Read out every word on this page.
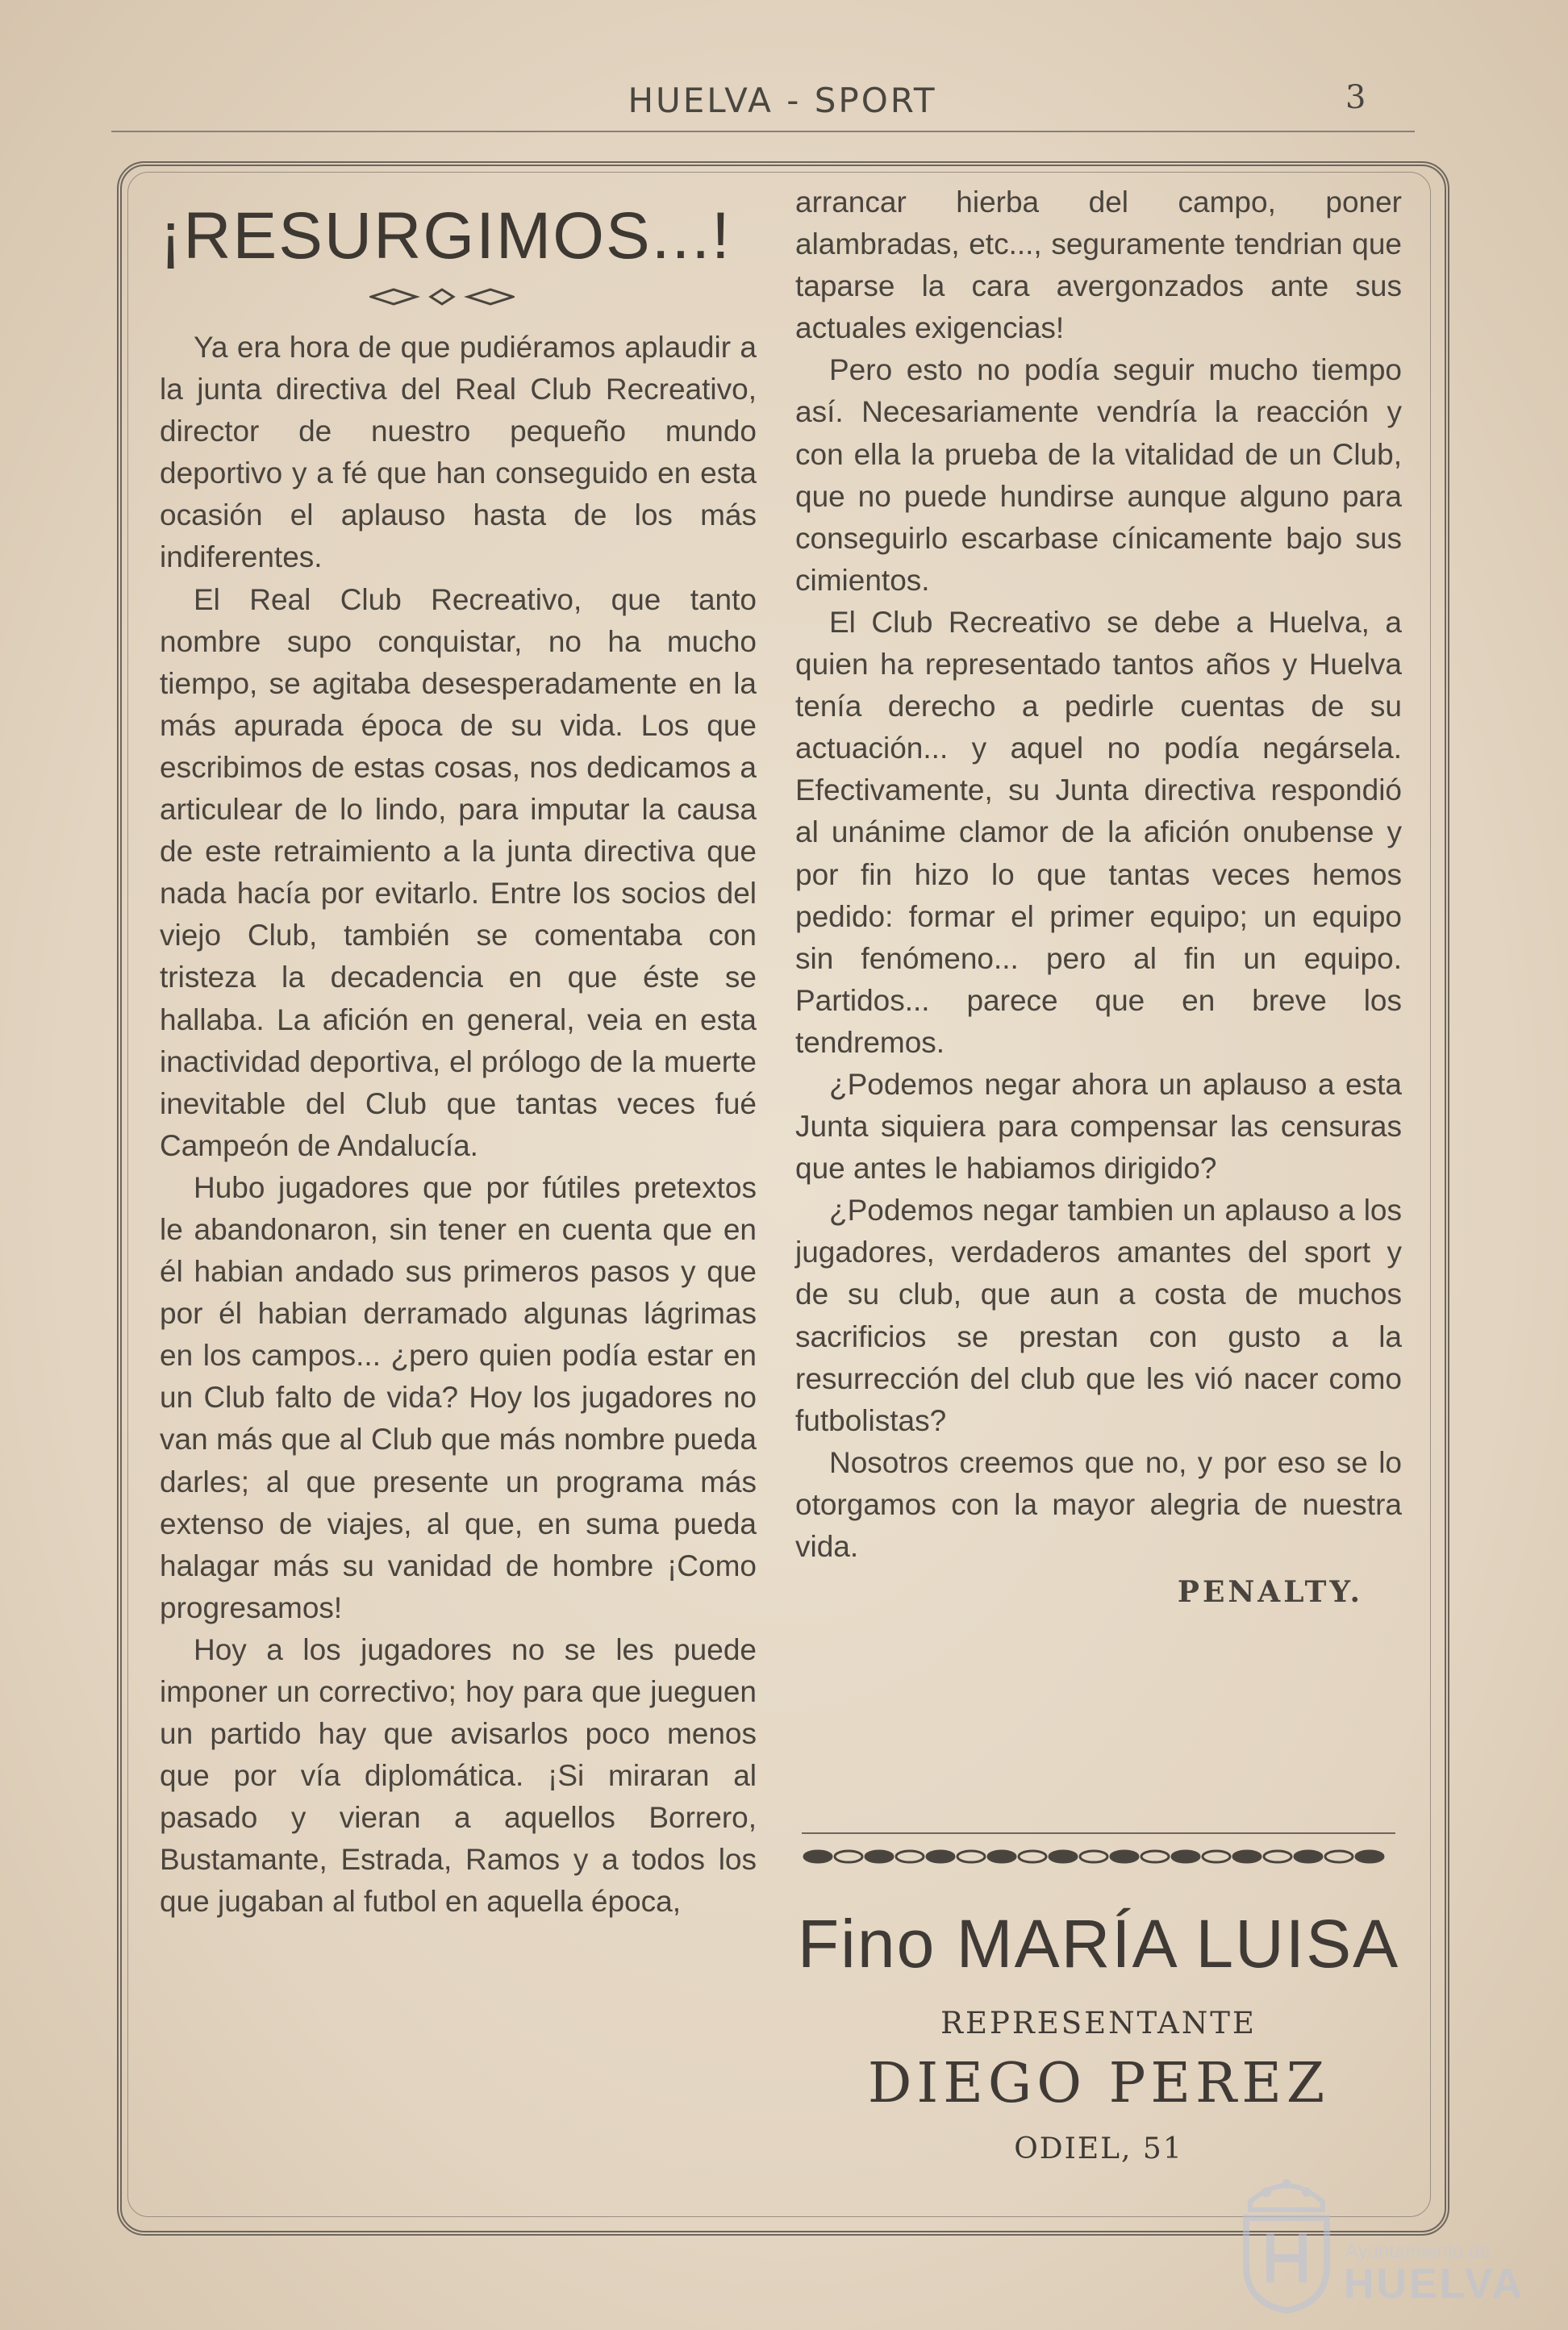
HUELVA - SPORT	3
¡RESURGIMOS...!

Ya era hora de que pudiéramos aplaudir a la junta directiva del Real Club Recreativo, director de nuestro pequeño mundo deportivo y a fé que han conseguido en esta ocasión el aplauso hasta de los más indiferentes.

El Real Club Recreativo, que tanto nombre supo conquistar, no ha mucho tiempo, se agitaba desesperadamente en la más apurada época de su vida. Los que escribimos de estas cosas, nos dedicamos a articulear de lo lindo, para imputar la causa de este retraimiento a la junta directiva que nada hacía por evitarlo. Entre los socios del viejo Club, también se comentaba con tristeza la decadencia en que éste se hallaba. La afición en general, veia en esta inactividad deportiva, el prólogo de la muerte inevitable del Club que tantas veces fué Campeón de Andalucía.

Hubo jugadores que por fútiles pretextos le abandonaron, sin tener en cuenta que en él habian andado sus primeros pasos y que por él habian derramado algunas lágrimas en los campos... ¿pero quien podía estar en un Club falto de vida? Hoy los jugadores no van más que al Club que más nombre pueda darles; al que presente un programa más extenso de viajes, al que, en suma pueda halagar más su vanidad de hombre ¡Como progresamos!

Hoy a los jugadores no se les puede imponer un correctivo; hoy para que jueguen un partido hay que avisarlos poco menos que por vía diplomática. ¡Si miraran al pasado y vieran a aquellos Borrero, Bustamante, Estrada, Ramos y a todos los que jugaban al futbol en aquella época,

arrancar hierba del campo, poner alambradas, etc..., seguramente tendrian que taparse la cara avergonzados ante sus actuales exigencias!

Pero esto no podía seguir mucho tiempo así. Necesariamente vendría la reacción y con ella la prueba de la vitalidad de un Club, que no puede hundirse aunque alguno para conseguirlo escarbase cínicamente bajo sus cimientos.

El Club Recreativo se debe a Huelva, a quien ha representado tantos años y Huelva tenía derecho a pedirle cuentas de su actuación... y aquel no podía negársela. Efectivamente, su Junta directiva respondió al unánime clamor de la afición onubense y por fin hizo lo que tantas veces hemos pedido: formar el primer equipo; un equipo sin fenómeno... pero al fin un equipo. Partidos... parece que en breve los tendremos.

¿Podemos negar ahora un aplauso a esta Junta siquiera para compensar las censuras que antes le habiamos dirigido?

¿Podemos negar tambien un aplauso a los jugadores, verdaderos amantes del sport y de su club, que aun a costa de muchos sacrificios se prestan con gusto a la resurrección del club que les vió nacer como futbolistas?

Nosotros creemos que no, y por eso se lo otorgamos con la mayor alegria de nuestra vida.

PENALTY.
Fino MARÍA LUISA
REPRESENTANTE
DIEGO PEREZ
ODIEL, 51
Ayuntamiento de
HUELVA
